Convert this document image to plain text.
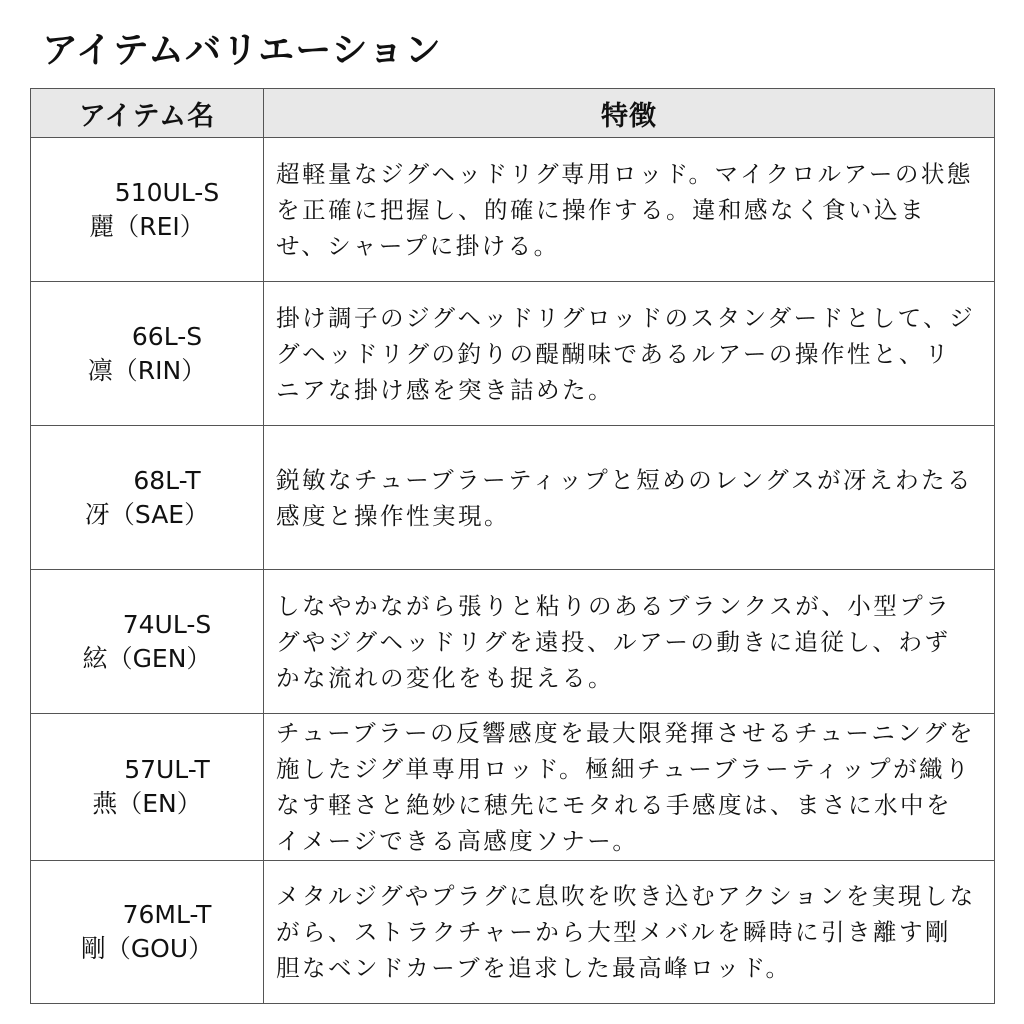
アイテムバリエーション
アイテム名	特徴

510UL-S
麗（REI）	超軽量なジグヘッドリグ専用ロッド。マイクロルアーの状態を正確に把握し、的確に操作する。違和感なく食い込ませ、シャープに掛ける。

66L-S
凛（RIN）	掛け調子のジグヘッドリグロッドのスタンダードとして、ジグヘッドリグの釣りの醍醐味であるルアーの操作性と、リニアな掛け感を突き詰めた。

68L-T
冴（SAE）	鋭敏なチューブラーティップと短めのレングスが冴えわたる感度と操作性実現。

74UL-S
絃（GEN）	しなやかながら張りと粘りのあるブランクスが、小型プラグやジグヘッドリグを遠投、ルアーの動きに追従し、わずかな流れの変化をも捉える。

57UL-T
燕（EN）	チューブラーの反響感度を最大限発揮させるチューニングを施したジグ単専用ロッド。極細チューブラーティップが織りなす軽さと絶妙に穂先にモタれる手感度は、まさに水中をイメージできる高感度ソナー。

76ML-T
剛（GOU）	メタルジグやプラグに息吹を吹き込むアクションを実現しながら、ストラクチャーから大型メバルを瞬時に引き離す剛胆なベンドカーブを追求した最高峰ロッド。
